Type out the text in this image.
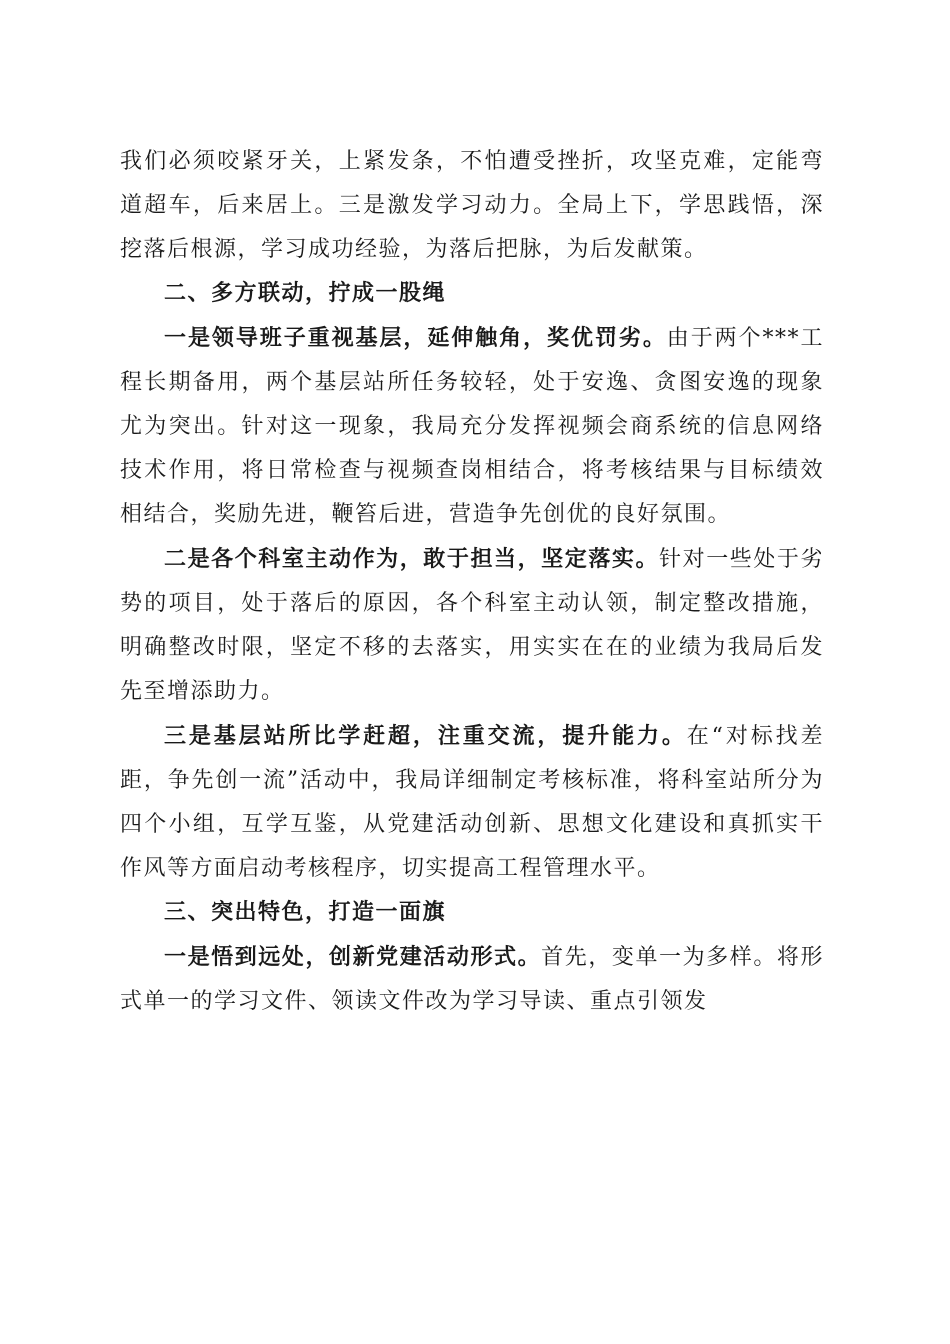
我们必须咬紧牙关，上紧发条，不怕遭受挫折，攻坚克难，定能弯道超车，后来居上。三是激发学习动力。全局上下，学思践悟，深挖落后根源，学习成功经验，为落后把脉，为后发献策。

二、多方联动，拧成一股绳

一是领导班子重视基层，延伸触角，奖优罚劣。由于两个***工程长期备用，两个基层站所任务较轻，处于安逸、贪图安逸的现象尤为突出。针对这一现象，我局充分发挥视频会商系统的信息网络技术作用，将日常检查与视频查岗相结合，将考核结果与目标绩效相结合，奖励先进，鞭笞后进，营造争先创优的良好氛围。

二是各个科室主动作为，敢于担当，坚定落实。针对一些处于劣势的项目，处于落后的原因，各个科室主动认领，制定整改措施，明确整改时限，坚定不移的去落实，用实实在在的业绩为我局后发先至增添助力。

三是基层站所比学赶超，注重交流，提升能力。在“对标找差距，争先创一流”活动中，我局详细制定考核标准，将科室站所分为四个小组，互学互鉴，从党建活动创新、思想文化建设和真抓实干作风等方面启动考核程序，切实提高工程管理水平。

三、突出特色，打造一面旗

一是悟到远处，创新党建活动形式。首先，变单一为多样。将形式单一的学习文件、领读文件改为学习导读、重点引领发
